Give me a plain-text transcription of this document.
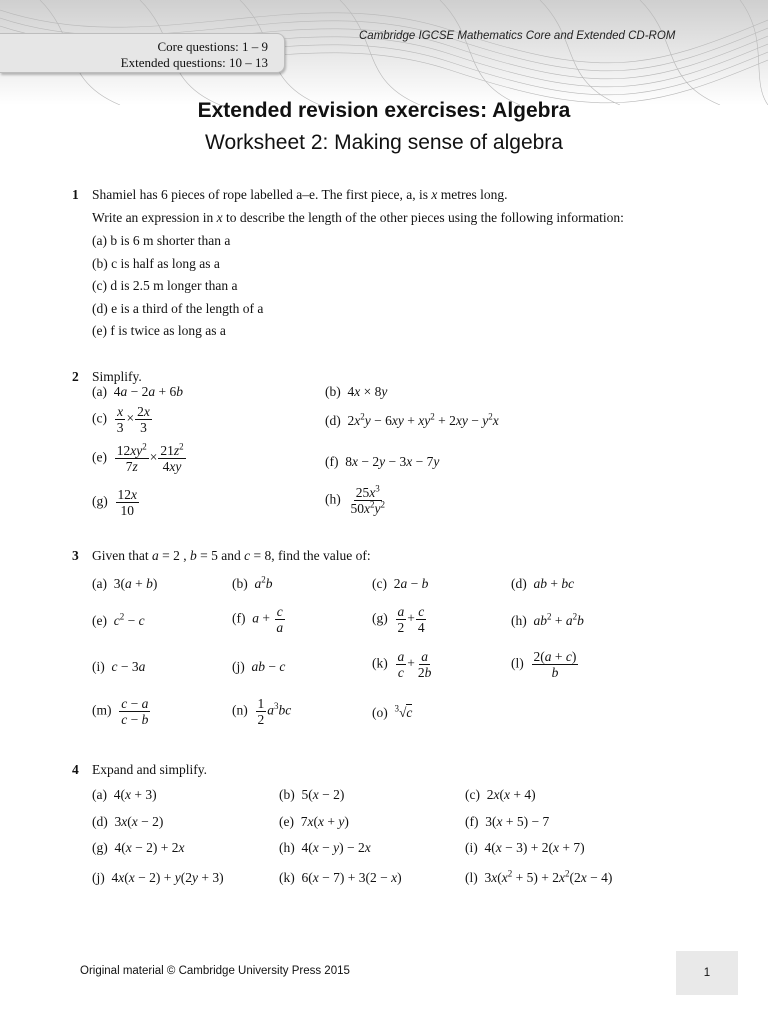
Core questions: 1 – 9
Extended questions: 10 – 13
Cambridge IGCSE Mathematics Core and Extended CD-ROM
Extended revision exercises: Algebra
Worksheet 2: Making sense of algebra
1 Shamiel has 6 pieces of rope labelled a–e. The first piece, a, is x metres long.
Write an expression in x to describe the length of the other pieces using the following information:
(a) b is 6 m shorter than a
(b) c is half as long as a
(c) d is 2.5 m longer than a
(d) e is a third of the length of a
(e) f is twice as long as a
2 Simplify.
(a)  4a − 2a + 6b	(b)  4x × 8y
$(c) \frac{x}{3} \times \frac{2x}{3}$	(d)  $2x^2y - 6xy + xy^2 + 2xy - y^2x$
$(e) \frac{12xy^2}{7z} \times \frac{21z^2}{4xy}$	(f)  8x − 2y − 3x − 7y
$(g) \frac{12x}{10}$	$(h) \frac{25x^3}{50x^2y^2}$
3 Given that a = 2 , b = 5 and c = 8, find the value of:
(a)  3(a + b)	(b) $a^2b$	(c)  2a − b	(d) ab + bc
(e) $c^2 - c$	(f) $a + \frac{c}{a}$	$(g) \frac{a}{2} + \frac{c}{4}$	(h) $ab^2 + a^2b$
(i) c − 3a	(j) ab − c	$(k) \frac{a}{c} + \frac{a}{2b}$	$(l) \frac{2(a + c)}{b}$
$(m) \frac{c - a}{c - b}$	$(n) \frac{1}{2} a^3bc$	(o) $^3$√c
4 Expand and simplify.
(a)  4(x + 3)	(b)  5(x − 2)	(c)  2x(x + 4)
(d)  3x(x − 2)	(e)  7x(x + y)	(f)  3(x + 5) − 7
(g)  4(x − 2) + 2x	(h)  4(x − y) − 2x	(i)  4(x − 3) + 2(x + 7)
(j)  4x(x − 2) + y(2y + 3)	(k)  6(x − 7) + 3(2 − x)	(l)  $3x(x^2 + 5) + 2x^2(2x - 4)$
Original material © Cambridge University Press 2015	1
